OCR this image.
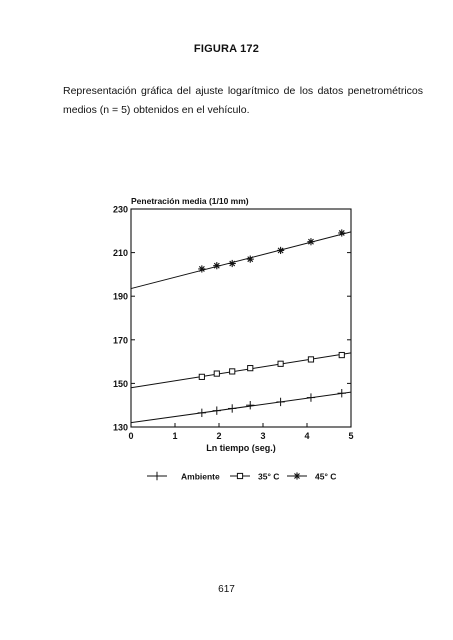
FIGURA 172
Representación gráfica del ajuste logarítmico de los datos penetrométricos
medios (n = 5) obtenidos en el vehículo.
Penetración media (1/10 mm)
130
150
170
190
210
230
0	1	2	3	4	5
Ln tiempo (seg.)
Ambiente	35° C	45° C
617
